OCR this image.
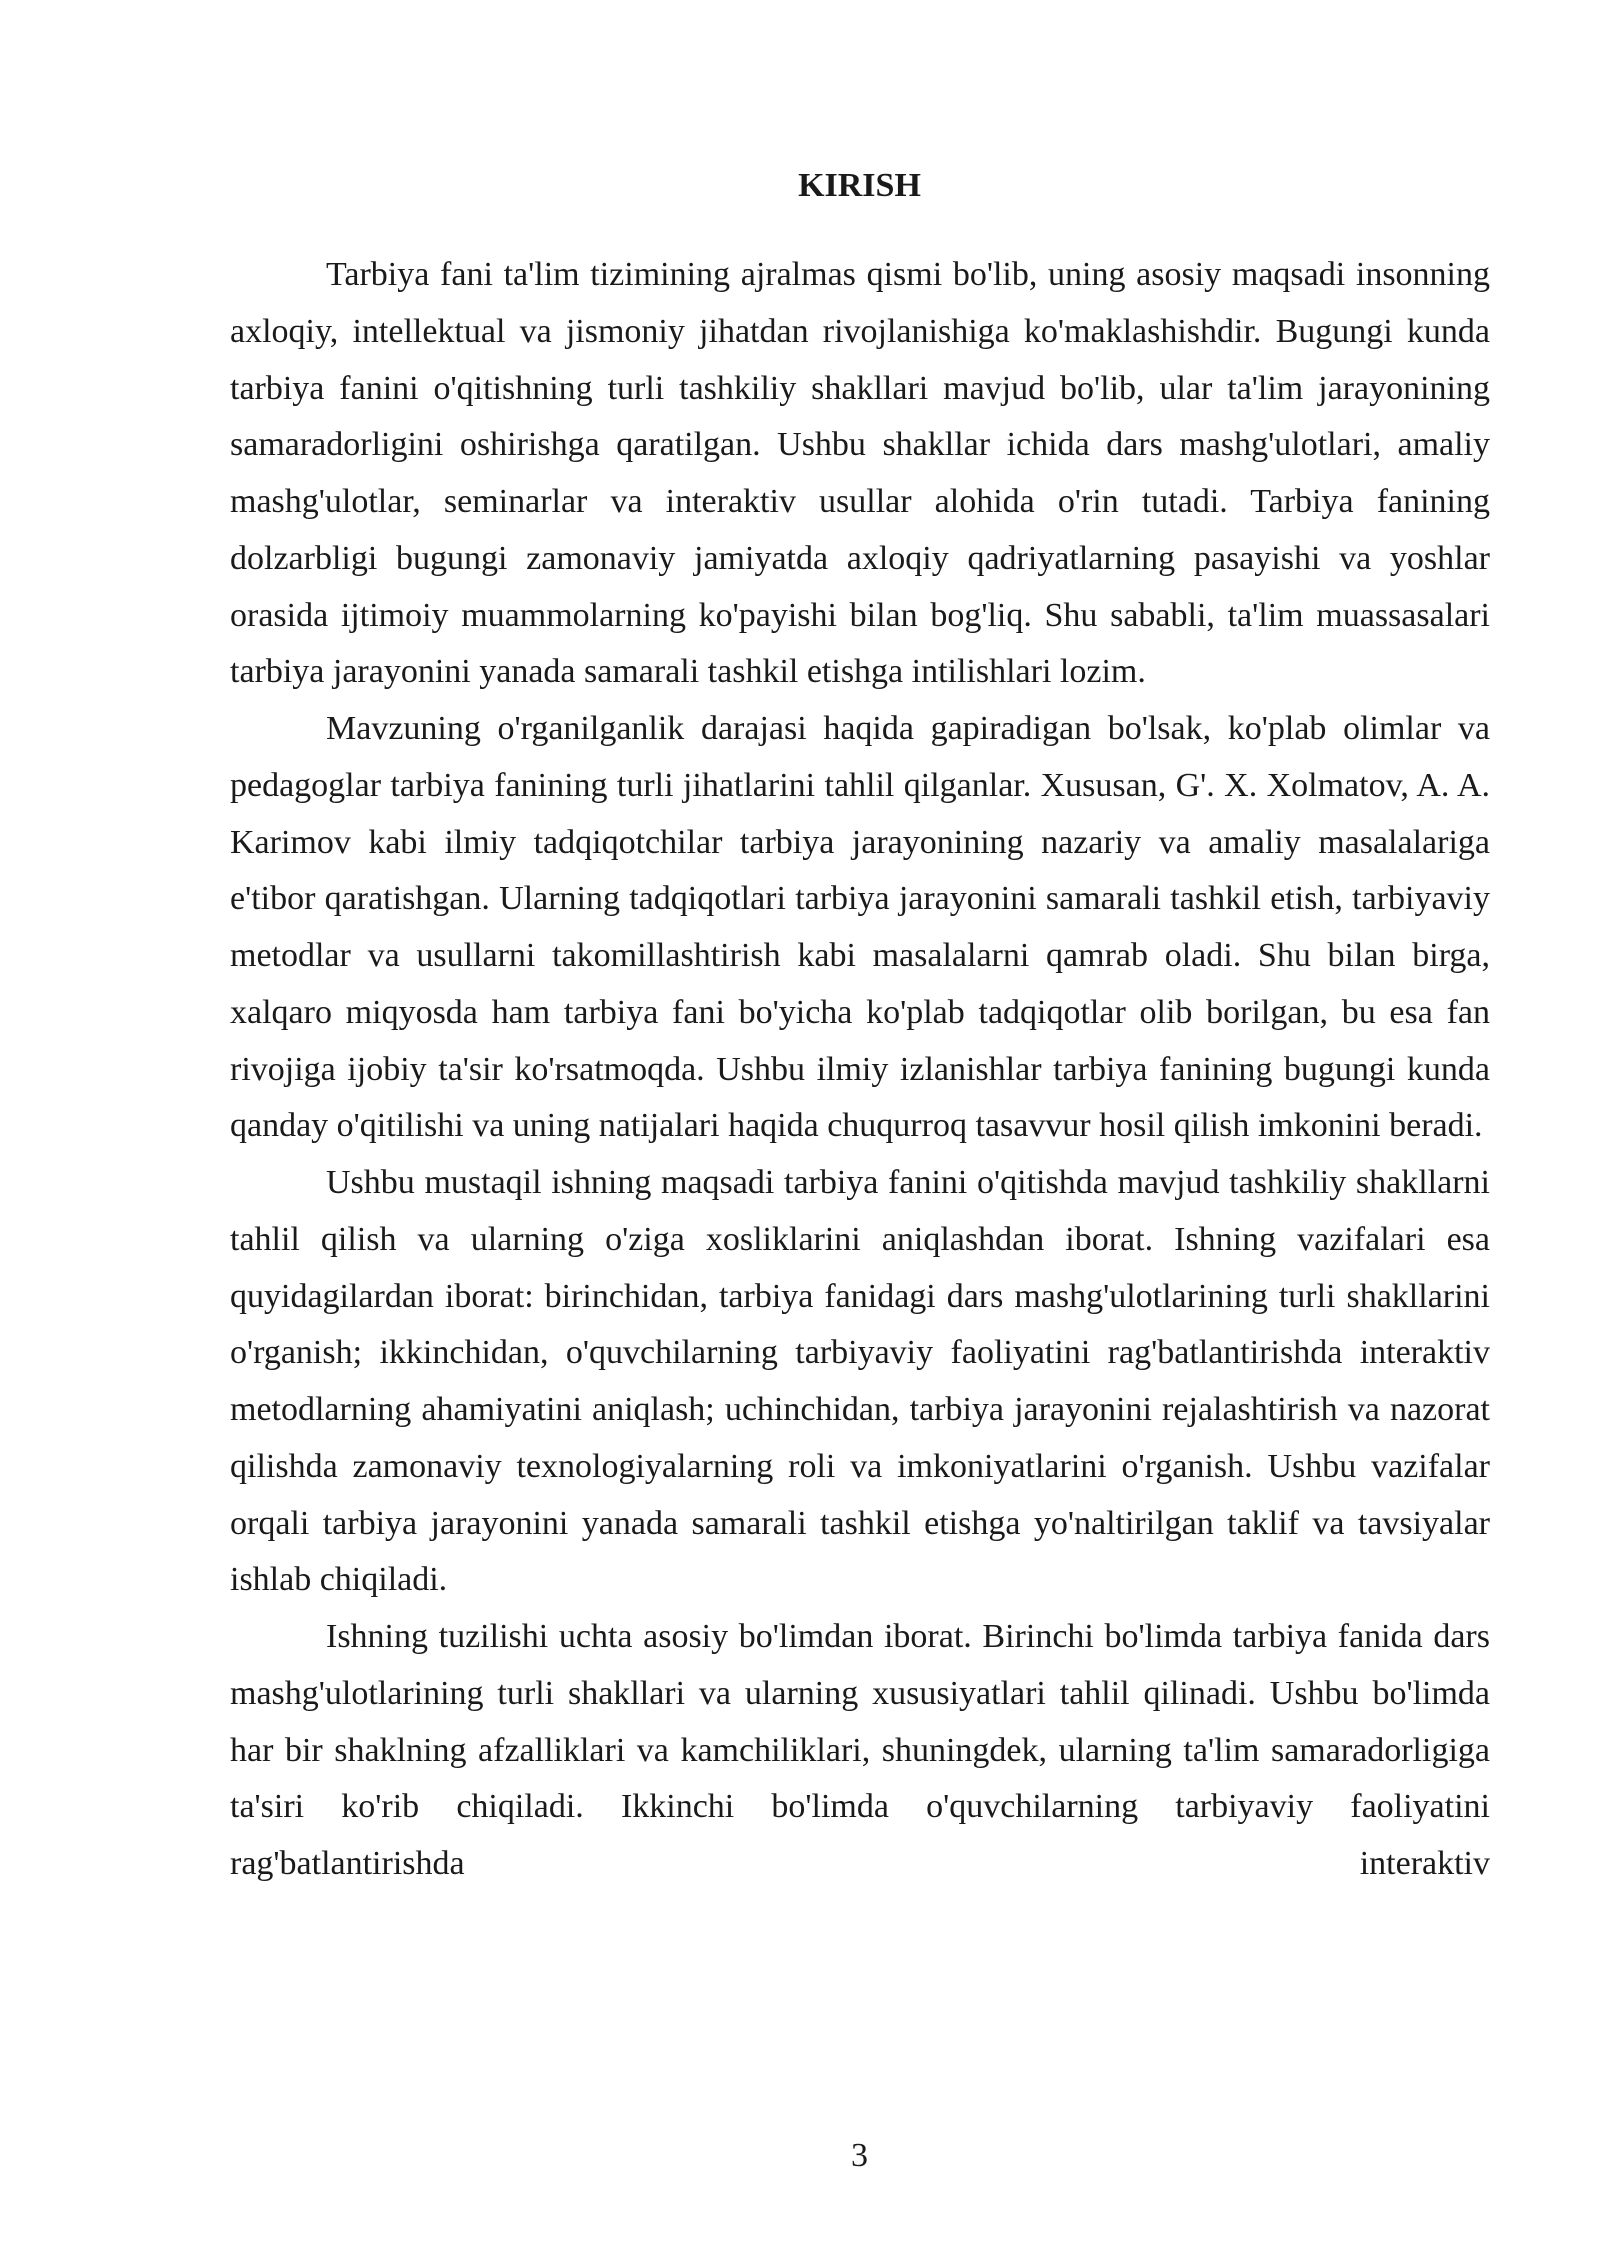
KIRISH

Tarbiya fani ta'lim tizimining ajralmas qismi bo'lib, uning asosiy maqsadi insonning axloqiy, intellektual va jismoniy jihatdan rivojlanishiga ko'maklashishdir. Bugungi kunda tarbiya fanini o'qitishning turli tashkiliy shakllari mavjud bo'lib, ular ta'lim jarayonining samaradorligini oshirishga qaratilgan. Ushbu shakllar ichida dars mashg'ulotlari, amaliy mashg'ulotlar, seminarlar va interaktiv usullar alohida o'rin tutadi. Tarbiya fanining dolzarbligi bugungi zamonaviy jamiyatda axloqiy qadriyatlarning pasayishi va yoshlar orasida ijtimoiy muammolarning ko'payishi bilan bog'liq. Shu sababli, ta'lim muassasalari tarbiya jarayonini yanada samarali tashkil etishga intilishlari lozim.

Mavzuning o'rganilganlik darajasi haqida gapiradigan bo'lsak, ko'plab olimlar va pedagoglar tarbiya fanining turli jihatlarini tahlil qilganlar. Xususan, G'. X. Xolmatov, A. A. Karimov kabi ilmiy tadqiqotchilar tarbiya jarayonining nazariy va amaliy masalalariga e'tibor qaratishgan. Ularning tadqiqotlari tarbiya jarayonini samarali tashkil etish, tarbiyaviy metodlar va usullarni takomillashtirish kabi masalalarni qamrab oladi. Shu bilan birga, xalqaro miqyosda ham tarbiya fani bo'yicha ko'plab tadqiqotlar olib borilgan, bu esa fan rivojiga ijobiy ta'sir ko'rsatmoqda. Ushbu ilmiy izlanishlar tarbiya fanining bugungi kunda qanday o'qitilishi va uning natijalari haqida chuqurroq tasavvur hosil qilish imkonini beradi.

Ushbu mustaqil ishning maqsadi tarbiya fanini o'qitishda mavjud tashkiliy shakllarni tahlil qilish va ularning o'ziga xosliklarini aniqlashdan iborat. Ishning vazifalari esa quyidagilardan iborat: birinchidan, tarbiya fanidagi dars mashg'ulotlarining turli shakllarini o'rganish; ikkinchidan, o'quvchilarning tarbiyaviy faoliyatini rag'batlantirishda interaktiv metodlarning ahamiyatini aniqlash; uchinchidan, tarbiya jarayonini rejalashtirish va nazorat qilishda zamonaviy texnologiyalarning roli va imkoniyatlarini o'rganish. Ushbu vazifalar orqali tarbiya jarayonini yanada samarali tashkil etishga yo'naltirilgan taklif va tavsiyalar ishlab chiqiladi.

Ishning tuzilishi uchta asosiy bo'limdan iborat. Birinchi bo'limda tarbiya fanida dars mashg'ulotlarining turli shakllari va ularning xususiyatlari tahlil qilinadi. Ushbu bo'limda har bir shaklning afzalliklari va kamchiliklari, shuningdek, ularning ta'lim samaradorligiga ta'siri ko'rib chiqiladi. Ikkinchi bo'limda o'quvchilarning tarbiyaviy faoliyatini rag'batlantirishda interaktiv

3
